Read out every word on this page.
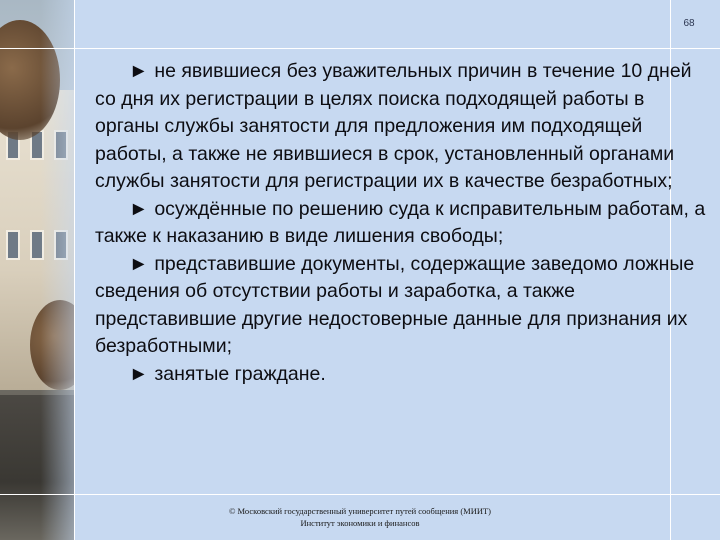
68

► не явившиеся без уважительных причин в течение 10 дней со дня их регистрации в целях поиска подходящей работы в органы службы занятости для предложения им подходящей работы, а также не явившиеся в срок, установленный органами службы занятости для регистрации их в качестве безработных;

► осуждённые по решению суда к исправительным работам, а также к наказанию в виде лишения свободы;

► представившие документы, содержащие заведомо ложные сведения об отсутствии работы и заработка, а также представившие другие недостоверные данные для признания их безработными;

► занятые граждане.

© Московский государственный университет путей сообщения (МИИТ)
Институт экономики и финансов
